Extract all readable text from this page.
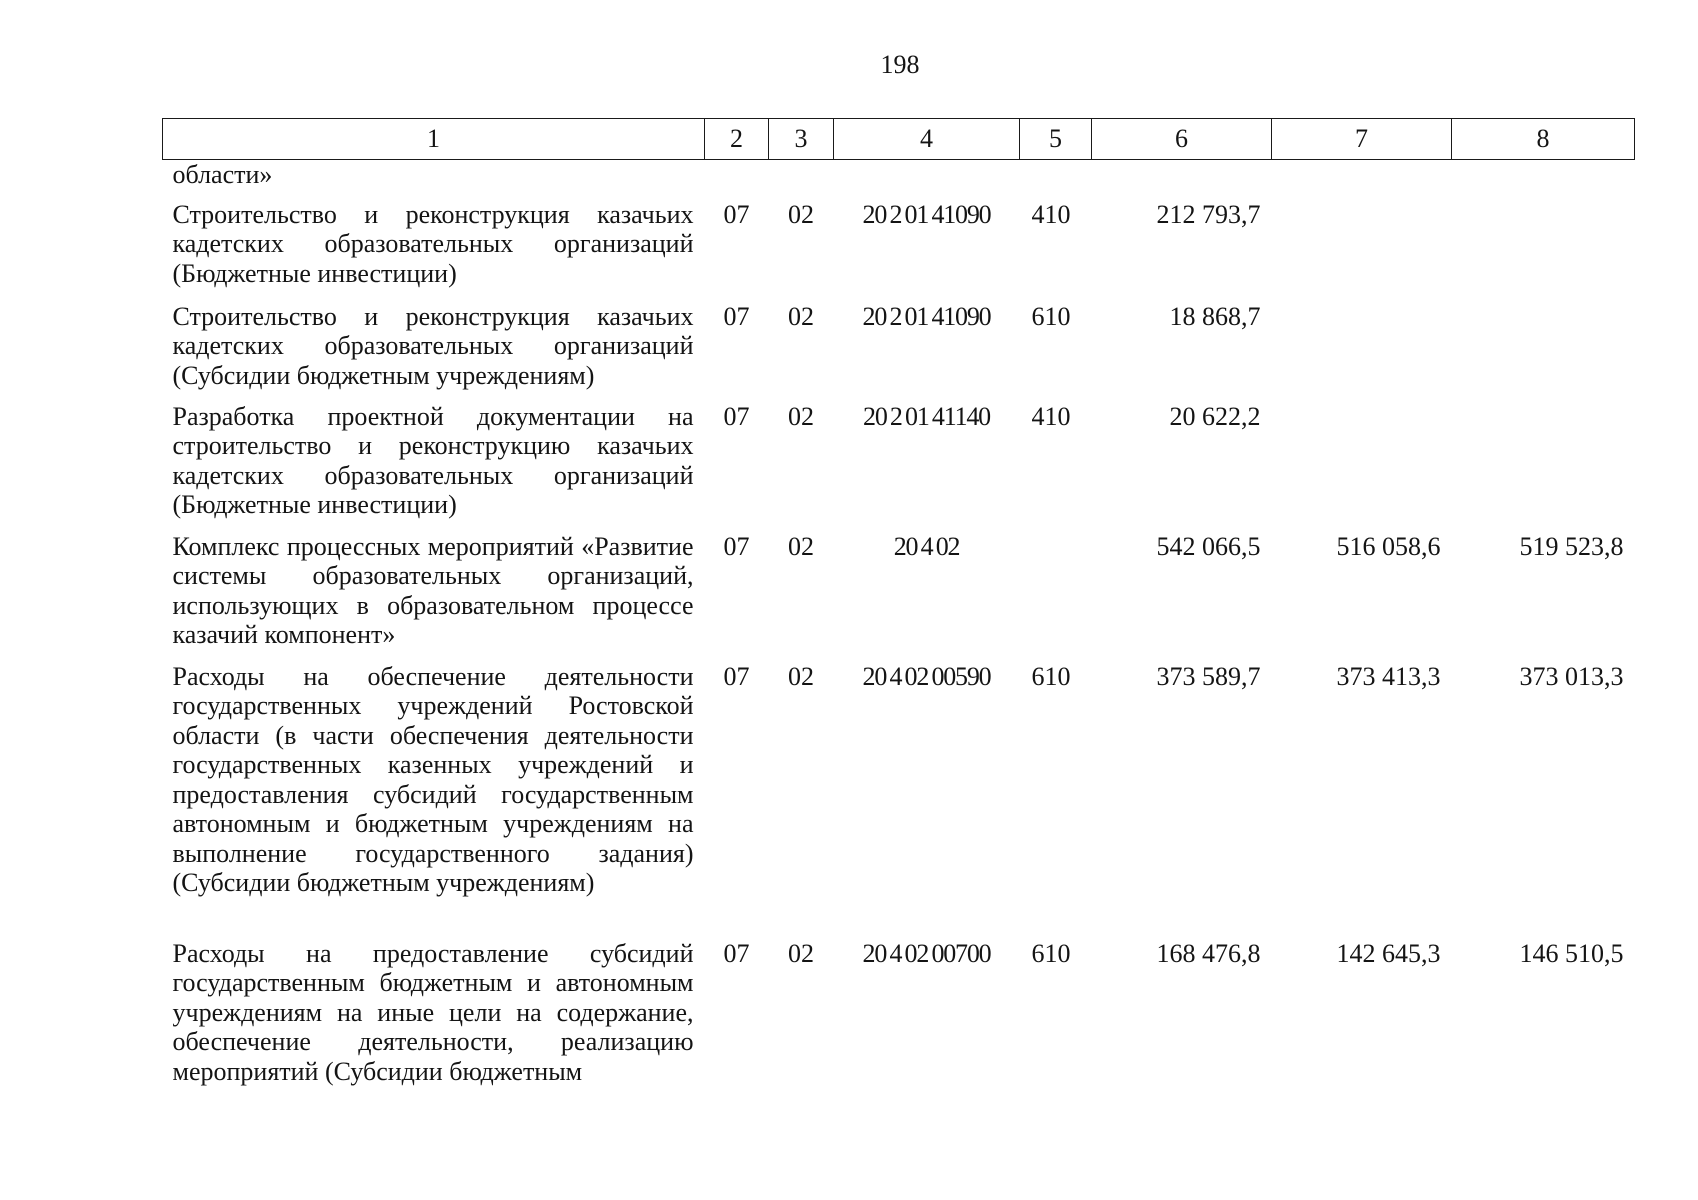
198
1	2	3	4	5	6	7	8
области»							
Строительство и реконструкция казачьих кадетских образовательных организаций (Бюджетные инвестиции)	07	02	20 2 01 41090	410	212 793,7		
Строительство и реконструкция казачьих кадетских образовательных организаций (Субсидии бюджетным учреждениям)	07	02	20 2 01 41090	610	18 868,7		
Разработка проектной документации на строительство и реконструкцию казачьих кадетских образовательных организаций (Бюджетные инвестиции)	07	02	20 2 01 41140	410	20 622,2		
Комплекс процессных мероприятий «Развитие системы образовательных организаций, использующих в образовательном процессе казачий компонент»	07	02	20 4 02		542 066,5	516 058,6	519 523,8
Расходы на обеспечение деятельности государственных учреждений Ростовской области (в части обеспечения деятельности государственных казенных учреждений и предоставления субсидий государственным автономным и бюджетным учреждениям на выполнение государственного задания) (Субсидии бюджетным учреждениям)	07	02	20 4 02 00590	610	373 589,7	373 413,3	373 013,3
Расходы на предоставление субсидий государственным бюджетным и автономным учреждениям на иные цели на содержание, обеспечение деятельности, реализацию мероприятий (Субсидии бюджетным	07	02	20 4 02 00700	610	168 476,8	142 645,3	146 510,5
